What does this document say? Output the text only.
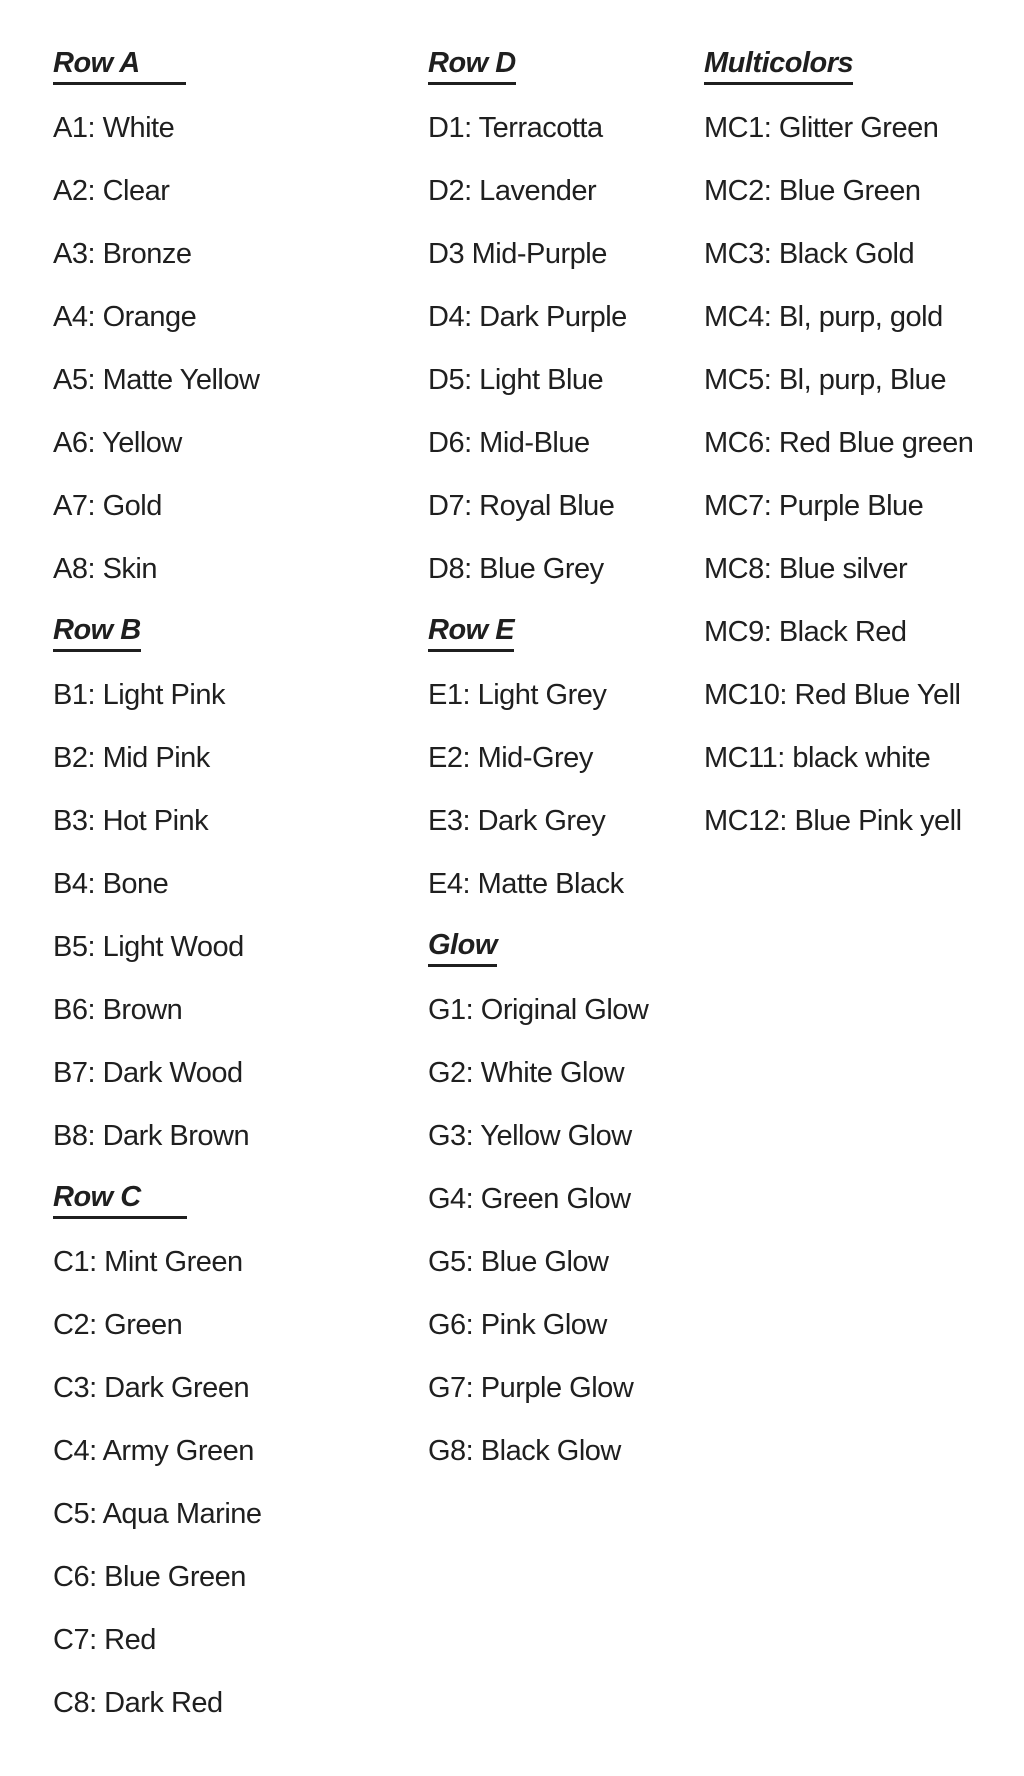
Row A
A1: White
A2: Clear
A3: Bronze
A4: Orange
A5: Matte Yellow
A6: Yellow
A7: Gold
A8: Skin
Row B
B1: Light Pink
B2: Mid Pink
B3: Hot Pink
B4: Bone
B5: Light Wood
B6: Brown
B7: Dark Wood
B8: Dark Brown
Row C
C1: Mint Green
C2: Green
C3: Dark Green
C4: Army Green
C5: Aqua Marine
C6: Blue Green
C7: Red
C8: Dark Red
Row D
D1: Terracotta
D2: Lavender
D3 Mid-Purple
D4: Dark Purple
D5: Light Blue
D6: Mid-Blue
D7: Royal Blue
D8: Blue Grey
Row E
E1: Light Grey
E2: Mid-Grey
E3: Dark Grey
E4: Matte Black
Glow
G1: Original Glow
G2: White Glow
G3: Yellow Glow
G4: Green Glow
G5: Blue Glow
G6: Pink Glow
G7: Purple Glow
G8: Black Glow
Multicolors
MC1: Glitter Green
MC2: Blue Green
MC3: Black Gold
MC4: Bl, purp, gold
MC5: Bl, purp, Blue
MC6: Red Blue green
MC7: Purple Blue
MC8: Blue silver
MC9: Black Red
MC10: Red Blue Yell
MC11: black white
MC12: Blue Pink yell
